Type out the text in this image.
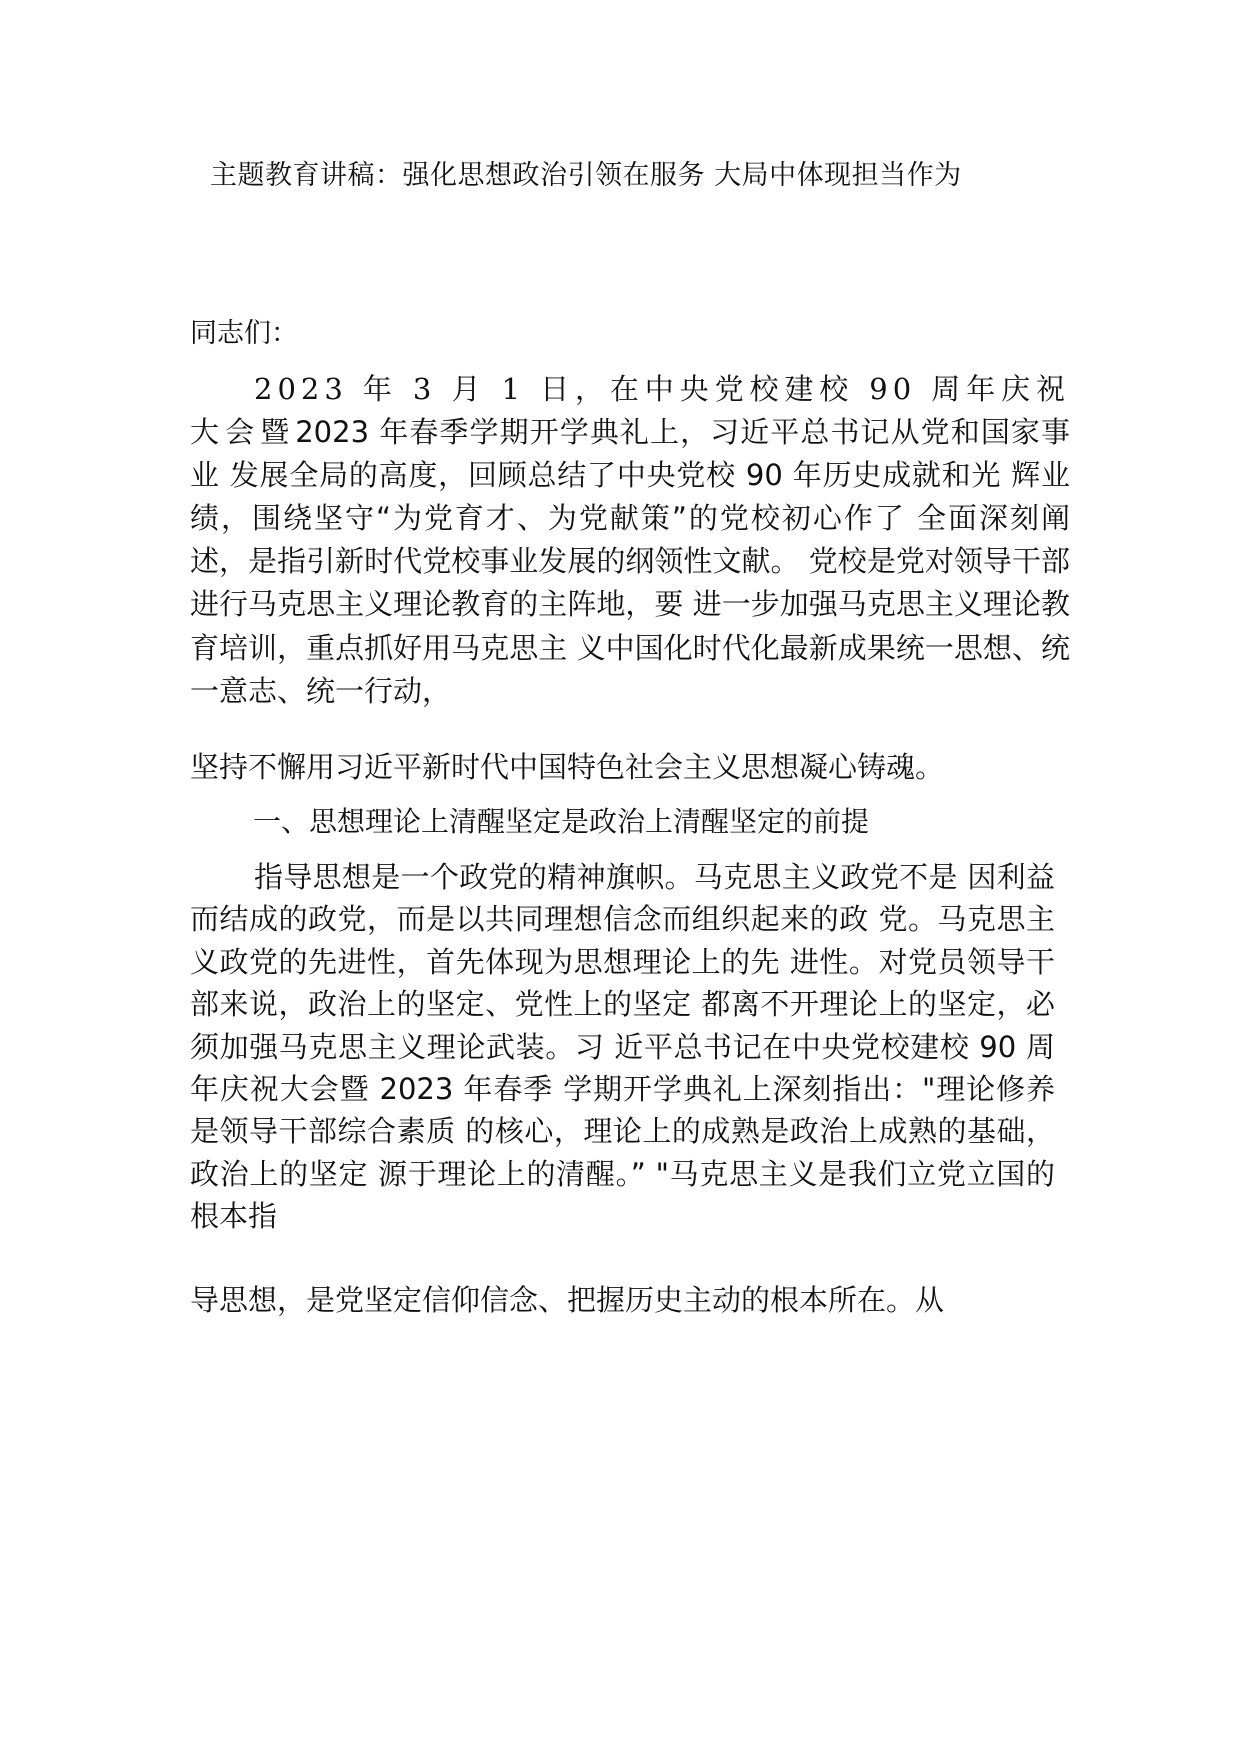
主题教育讲稿：强化思想政治引领在服务 大局中体现担当作为
同志们：

2023 年 3 月 1 日，在中央党校建校 90 周年庆祝大会暨2023 年春季学期开学典礼上，习近平总书记从党和国家事业 发展全局的高度，回顾总结了中央党校 90 年历史成就和光 辉业绩，围绕坚守“为党育才、为党献策”的党校初心作了 全面深刻阐述，是指引新时代党校事业发展的纲领性文献。 党校是党对领导干部进行马克思主义理论教育的主阵地，要 进一步加强马克思主义理论教育培训，重点抓好用马克思主 义中国化时代化最新成果统一思想、统一意志、统一行动，

坚持不懈用习近平新时代中国特色社会主义思想凝心铸魂。

一、思想理论上清醒坚定是政治上清醒坚定的前提

指导思想是一个政党的精神旗帜。马克思主义政党不是 因利益而结成的政党，而是以共同理想信念而组织起来的政 党。马克思主义政党的先进性，首先体现为思想理论上的先 进性。对党员领导干部来说，政治上的坚定、党性上的坚定 都离不开理论上的坚定，必须加强马克思主义理论武装。习 近平总书记在中央党校建校 90 周年庆祝大会暨 2023 年春季 学期开学典礼上深刻指出："理论修养是领导干部综合素质 的核心，理论上的成熟是政治上成熟的基础，政治上的坚定 源于理论上的清醒。” "马克思主义是我们立党立国的根本指

导思想，是党坚定信仰信念、把握历史主动的根本所在。从
